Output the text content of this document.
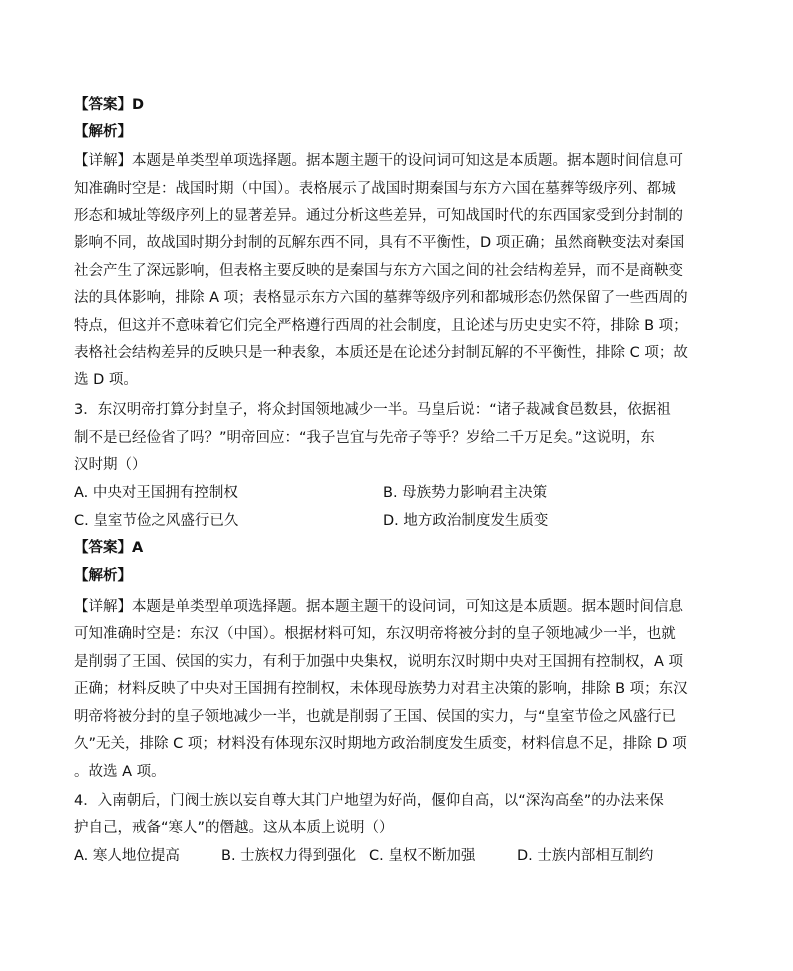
【答案】D
【解析】
【详解】本题是单类型单项选择题。据本题主题干的设问词可知这是本质题。据本题时间信息可
知准确时空是：战国时期（中国）。表格展示了战国时期秦国与东方六国在墓葬等级序列、都城
形态和城址等级序列上的显著差异。通过分析这些差异，可知战国时代的东西国家受到分封制的
影响不同，故战国时期分封制的瓦解东西不同，具有不平衡性，D 项正确；虽然商鞅变法对秦国
社会产生了深远影响，但表格主要反映的是秦国与东方六国之间的社会结构差异，而不是商鞅变
法的具体影响，排除 A 项；表格显示东方六国的墓葬等级序列和都城形态仍然保留了一些西周的
特点，但这并不意味着它们完全严格遵行西周的社会制度，且论述与历史史实不符，排除 B 项；
表格社会结构差异的反映只是一种表象，本质还是在论述分封制瓦解的不平衡性，排除 C 项；故
选 D 项。
3．东汉明帝打算分封皇子，将众封国领地减少一半。马皇后说：“诸子裁减食邑数县，依据祖
制不是已经俭省了吗？”明帝回应：“我子岂宜与先帝子等乎？岁给二千万足矣。”这说明，东
汉时期（）
A. 中央对王国拥有控制权	B. 母族势力影响君主决策
C. 皇室节俭之风盛行已久	D. 地方政治制度发生质变
【答案】A
【解析】
【详解】本题是单类型单项选择题。据本题主题干的设问词，可知这是本质题。据本题时间信息
可知准确时空是：东汉（中国）。根据材料可知，东汉明帝将被分封的皇子领地减少一半，也就
是削弱了王国、侯国的实力，有利于加强中央集权，说明东汉时期中央对王国拥有控制权，A 项
正确；材料反映了中央对王国拥有控制权，未体现母族势力对君主决策的影响，排除 B 项；东汉
明帝将被分封的皇子领地减少一半，也就是削弱了王国、侯国的实力，与“皇室节俭之风盛行已
久”无关，排除 C 项；材料没有体现东汉时期地方政治制度发生质变，材料信息不足，排除 D 项
。故选 A 项。
4．入南朝后，门阀士族以妄自尊大其门户地望为好尚，偃仰自高，以“深沟高垒”的办法来保
护自己，戒备“寒人”的僭越。这从本质上说明（）
A. 寒人地位提高	B. 士族权力得到强化 C. 皇权不断加强	D. 士族内部相互制约
